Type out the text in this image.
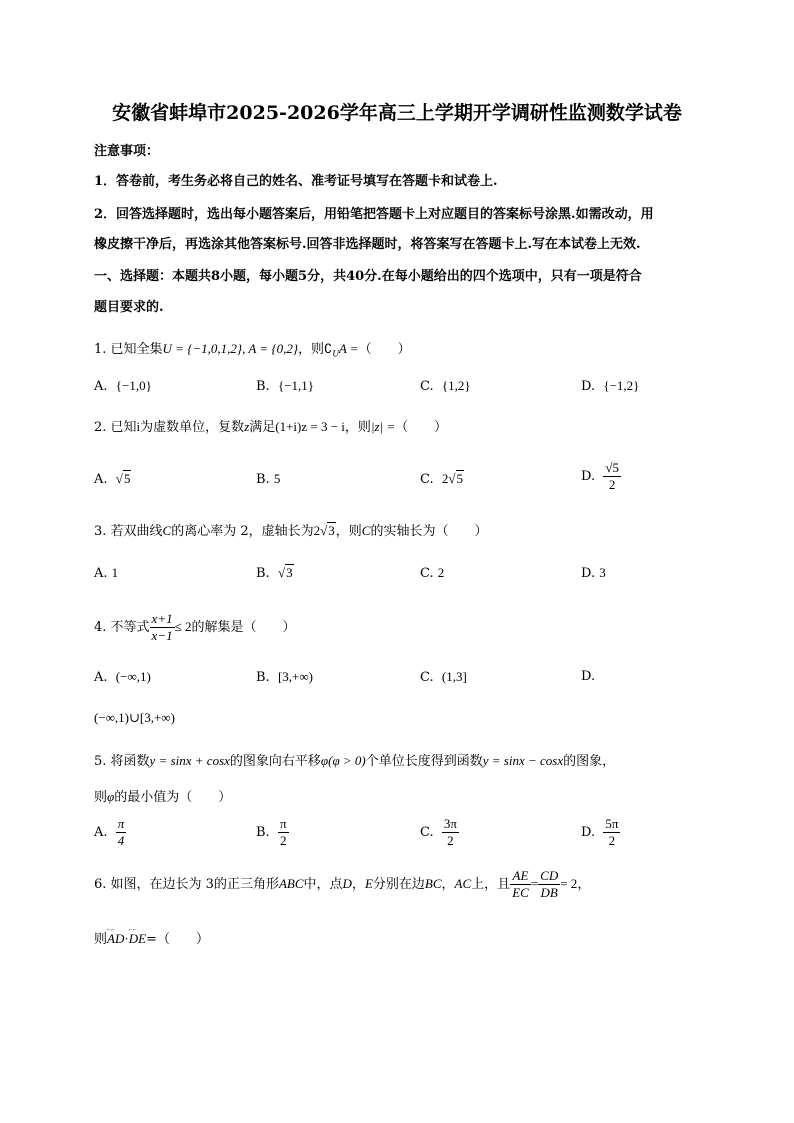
安徽省蚌埠市2025-2026学年高三上学期开学调研性监测数学试卷
注意事项：
1．答卷前，考生务必将自己的姓名、准考证号填写在答题卡和试卷上.
2．回答选择题时，选出每小题答案后，用铅笔把答题卡上对应题目的答案标号涂黑.如需改动，用
橡皮擦干净后，再选涂其他答案标号.回答非选择题时，将答案写在答题卡上.写在本试卷上无效.
一、选择题：本题共8小题，每小题5分，共40分.在每小题给出的四个选项中，只有一项是符合
题目要求的.
1. 已知全集U = {−1,0,1,2}, A = {0,2}，则$∁_UA$ =（　　）
A. {−1,0}	B. {−1,1}	C. {1,2}	D. {−1,2}
2. 已知i为虚数单位，复数z满足(1+i)z = 3 − i，则|z| =（　　）
A. √5	B. 5	C. 2√5	D. $\frac{√5}{2}$
3. 若双曲线C的离心率为 2，虚轴长为2√3，则C的实轴长为（　　）
A. 1	B. √3	C. 2	D. 3
4. 不等式 $\frac{x+1}{x-1} \le 2$的解集是（　　）
A. (−∞,1)	B. [3,+∞)	C. (1,3]	D.
(−∞,1)∪[3,+∞)
5. 将函数y = sinx + cosx的图象向右平移φ(φ > 0)个单位长度得到函数y = sinx − cosx的图象，
则φ的最小值为（　　）
A. $\frac{\pi}{4}$	B. $\frac{\pi}{2}$	C. $\frac{3\pi}{2}$	D. $\frac{5\pi}{2}$
6. 如图，在边长为 3的正三角形ABC中，点D，E分别在边BC，AC上，且 $\frac{AE}{EC} = \frac{CD}{DB} = 2$，
则⌐⌐ AD·⌐⌐ DE=（　　）
